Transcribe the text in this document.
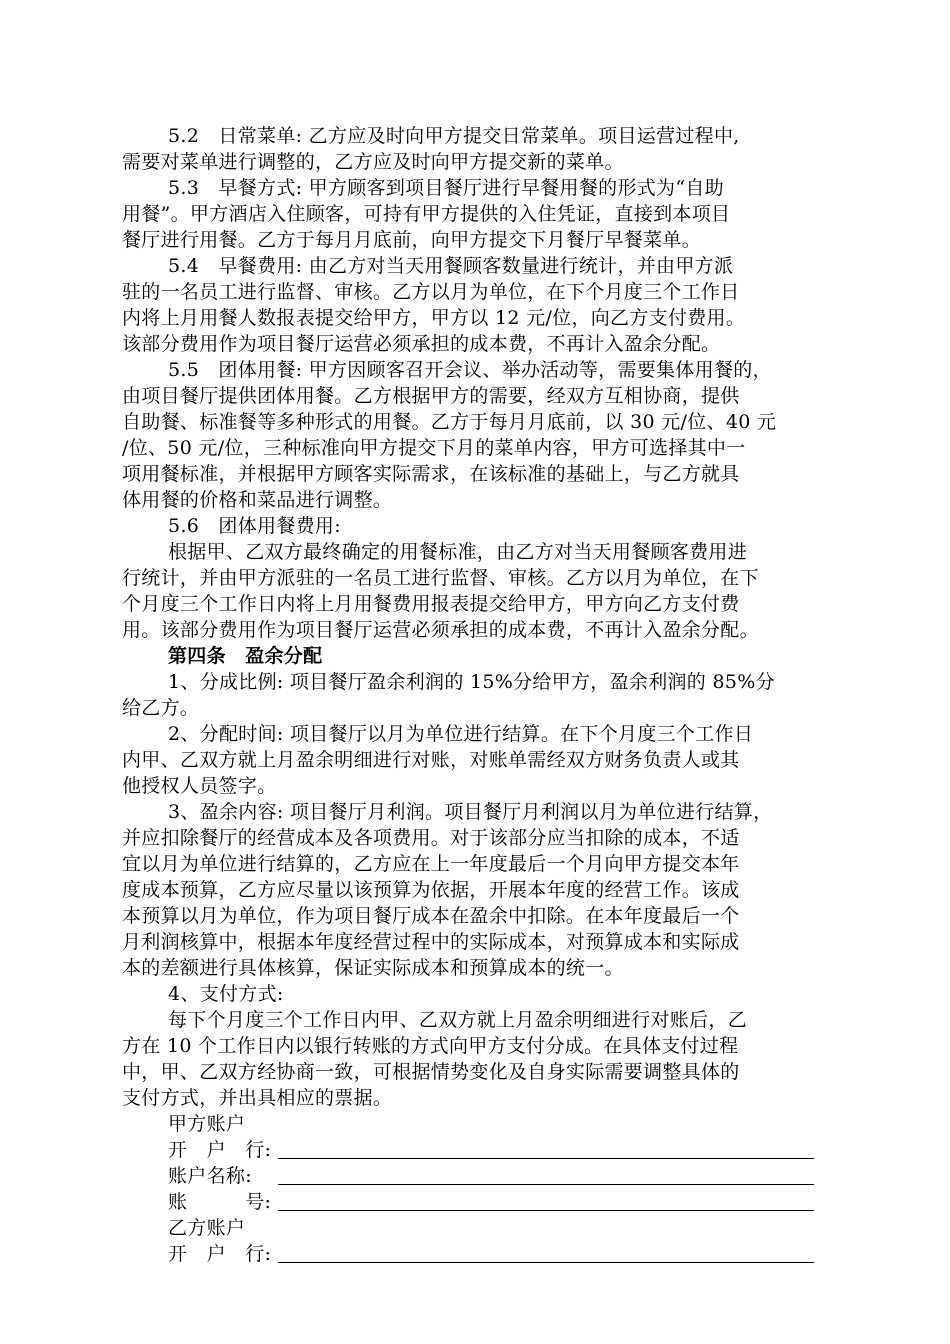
5.2　日常菜单: 乙方应及时向甲方提交日常菜单。项目运营过程中,
需要对菜单进行调整的，乙方应及时向甲方提交新的菜单。
5.3　早餐方式: 甲方顾客到项目餐厅进行早餐用餐的形式为“自助
用餐”。甲方酒店入住顾客，可持有甲方提供的入住凭证，直接到本项目
餐厅进行用餐。乙方于每月月底前，向甲方提交下月餐厅早餐菜单。
5.4　早餐费用: 由乙方对当天用餐顾客数量进行统计，并由甲方派
驻的一名员工进行监督、审核。乙方以月为单位，在下个月度三个工作日
内将上月用餐人数报表提交给甲方，甲方以 12 元/位，向乙方支付费用。
该部分费用作为项目餐厅运营必须承担的成本费，不再计入盈余分配。
5.5　团体用餐: 甲方因顾客召开会议、举办活动等，需要集体用餐的，
由项目餐厅提供团体用餐。乙方根据甲方的需要，经双方互相协商，提供
自助餐、标准餐等多种形式的用餐。乙方于每月月底前，以 30 元/位、40 元
/位、50 元/位，三种标准向甲方提交下月的菜单内容，甲方可选择其中一
项用餐标准，并根据甲方顾客实际需求，在该标准的基础上，与乙方就具
体用餐的价格和菜品进行调整。
5.6　团体用餐费用:
根据甲、乙双方最终确定的用餐标准，由乙方对当天用餐顾客费用进
行统计，并由甲方派驻的一名员工进行监督、审核。乙方以月为单位，在下
个月度三个工作日内将上月用餐费用报表提交给甲方，甲方向乙方支付费
用。该部分费用作为项目餐厅运营必须承担的成本费，不再计入盈余分配。
第四条　盈余分配
1、分成比例: 项目餐厅盈余利润的 15%分给甲方，盈余利润的 85%分
给乙方。
2、分配时间: 项目餐厅以月为单位进行结算。在下个月度三个工作日
内甲、乙双方就上月盈余明细进行对账，对账单需经双方财务负责人或其
他授权人员签字。
3、盈余内容: 项目餐厅月利润。项目餐厅月利润以月为单位进行结算，
并应扣除餐厅的经营成本及各项费用。对于该部分应当扣除的成本，不适
宜以月为单位进行结算的，乙方应在上一年度最后一个月向甲方提交本年
度成本预算，乙方应尽量以该预算为依据，开展本年度的经营工作。该成
本预算以月为单位，作为项目餐厅成本在盈余中扣除。在本年度最后一个
月利润核算中，根据本年度经营过程中的实际成本，对预算成本和实际成
本的差额进行具体核算，保证实际成本和预算成本的统一。
4、支付方式:
每下个月度三个工作日内甲、乙双方就上月盈余明细进行对账后，乙
方在 10 个工作日内以银行转账的方式向甲方支付分成。在具体支付过程
中，甲、乙双方经协商一致，可根据情势变化及自身实际需要调整具体的
支付方式，并出具相应的票据。
甲方账户
开　户　行:
账户名称:
账　　　号:
乙方账户
开　户　行:
